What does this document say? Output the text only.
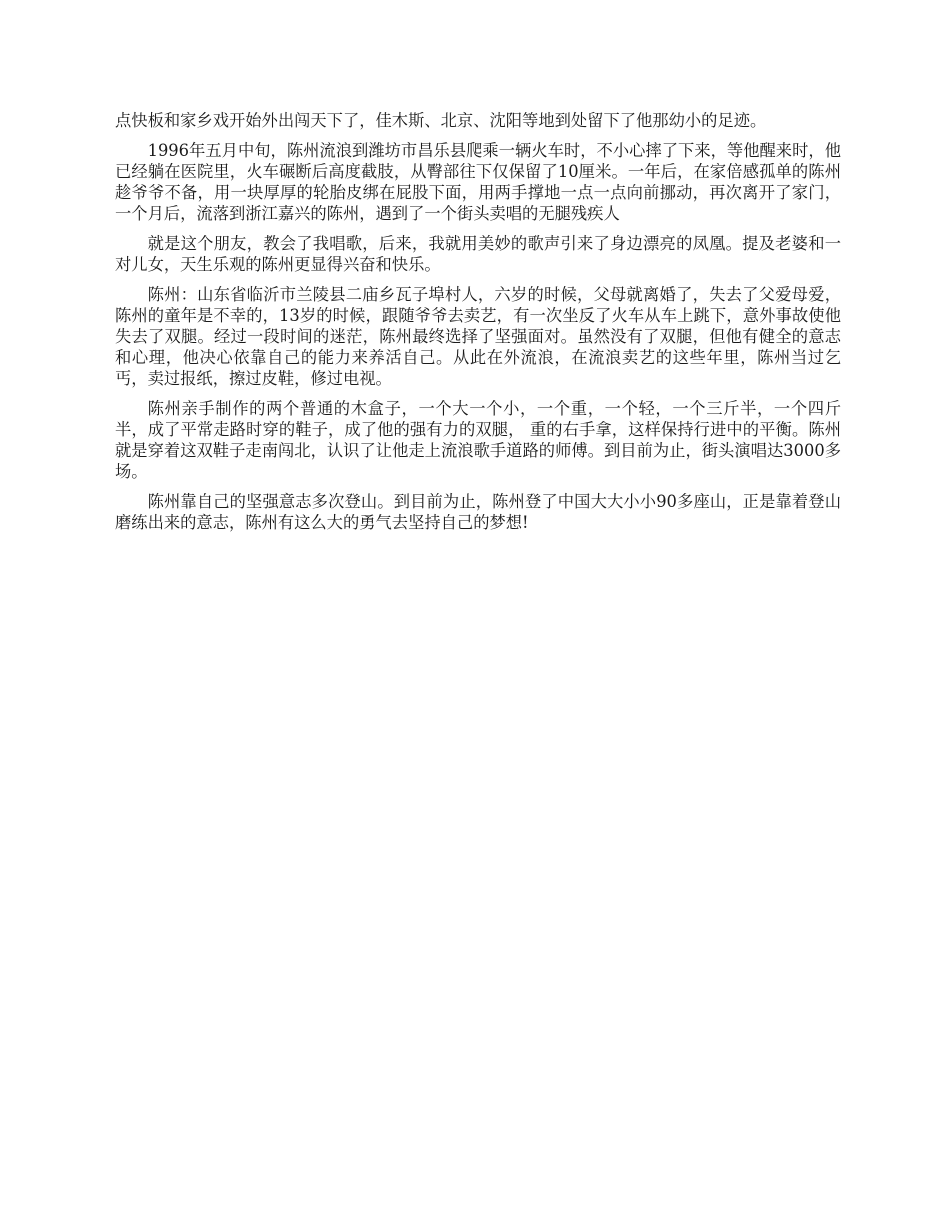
点快板和家乡戏开始外出闯天下了，佳木斯、北京、沈阳等地到处留下了他那幼小的足迹。

1996年五月中旬，陈州流浪到潍坊市昌乐县爬乘一辆火车时，不小心摔了下来，等他醒来时，他已经躺在医院里，火车碾断后高度截肢，从臀部往下仅保留了10厘米。一年后，在家倍感孤单的陈州趁爷爷不备，用一块厚厚的轮胎皮绑在屁股下面，用两手撑地一点一点向前挪动，再次离开了家门，一个月后，流落到浙江嘉兴的陈州，遇到了一个街头卖唱的无腿残疾人

就是这个朋友，教会了我唱歌，后来，我就用美妙的歌声引来了身边漂亮的凤凰。提及老婆和一对儿女，天生乐观的陈州更显得兴奋和快乐。

陈州：山东省临沂市兰陵县二庙乡瓦子埠村人，六岁的时候，父母就离婚了，失去了父爱母爱，陈州的童年是不幸的，13岁的时候，跟随爷爷去卖艺，有一次坐反了火车从车上跳下，意外事故使他失去了双腿。经过一段时间的迷茫，陈州最终选择了坚强面对。虽然没有了双腿，但他有健全的意志和心理，他决心依靠自己的能力来养活自己。从此在外流浪，在流浪卖艺的这些年里，陈州当过乞丐，卖过报纸，擦过皮鞋，修过电视。

陈州亲手制作的两个普通的木盒子，一个大一个小，一个重，一个轻，一个三斤半，一个四斤半，成了平常走路时穿的鞋子，成了他的强有力的双腿， 重的右手拿，这样保持行进中的平衡。陈州就是穿着这双鞋子走南闯北，认识了让他走上流浪歌手道路的师傅。到目前为止，街头演唱达3000多场。

陈州靠自己的坚强意志多次登山。到目前为止，陈州登了中国大大小小90多座山，正是靠着登山磨练出来的意志，陈州有这么大的勇气去坚持自己的梦想!
